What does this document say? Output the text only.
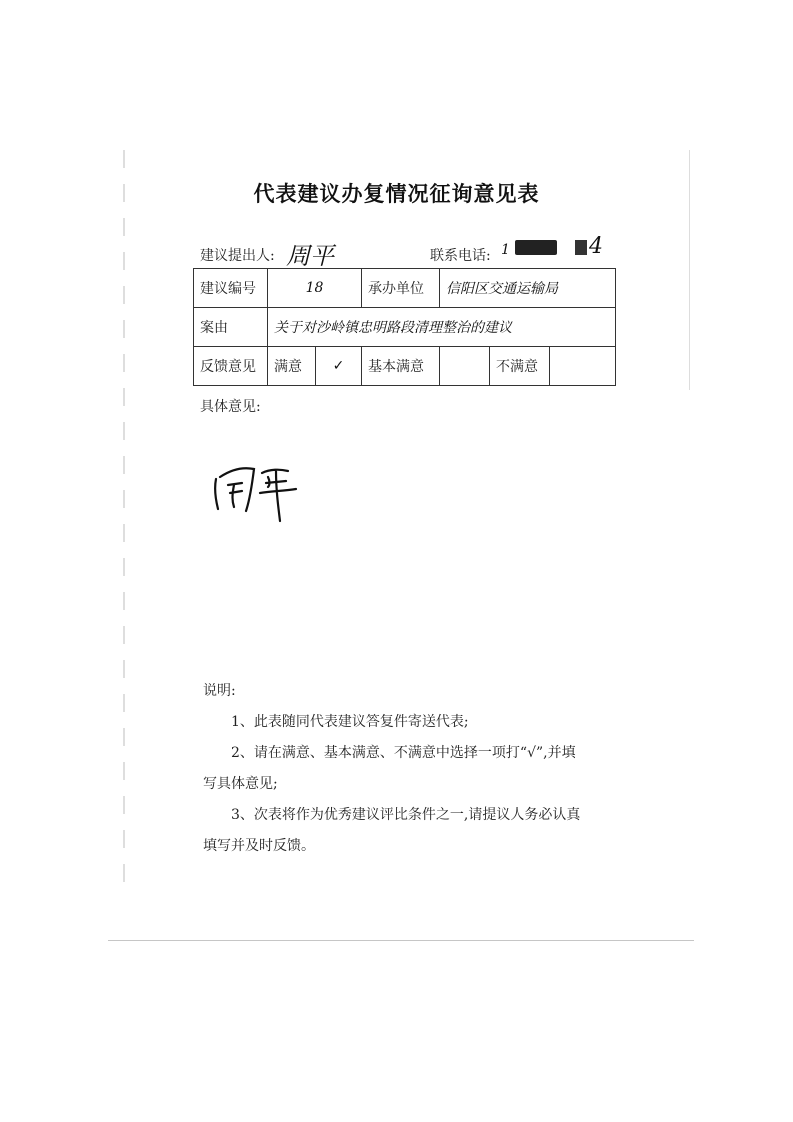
代表建议办复情况征询意见表
建议提出人: 周平	联系电话: 1	4
建议编号	18		承办单位	信阳区交通运输局		
案由	关于对沙岭镇忠明路段清理整治的建议					
反馈意见	满意	✓	基本满意		不满意	
具体意见:

说明:

1、此表随同代表建议答复件寄送代表;

2、请在满意、基本满意、不满意中选择一项打“√”,并填

写具体意见;

3、次表将作为优秀建议评比条件之一,请提议人务必认真

填写并及时反馈。
